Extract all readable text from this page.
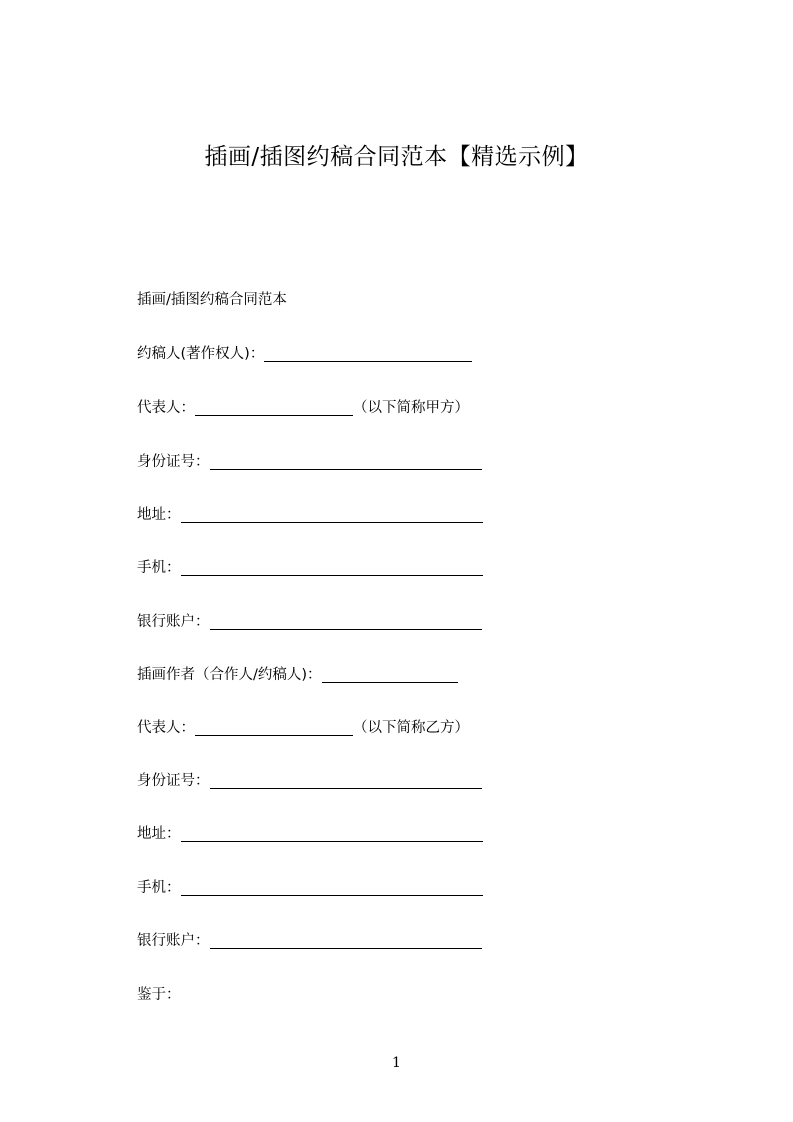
插画/插图约稿合同范本【精选示例】
插画/插图约稿合同范本
约稿人(著作权人)：
代表人：	（以下简称甲方）
身份证号：
地址：
手机：
银行账户：
插画作者（合作人/约稿人)：
代表人：	（以下简称乙方）
身份证号：
地址：
手机：
银行账户：
鉴于：
1
